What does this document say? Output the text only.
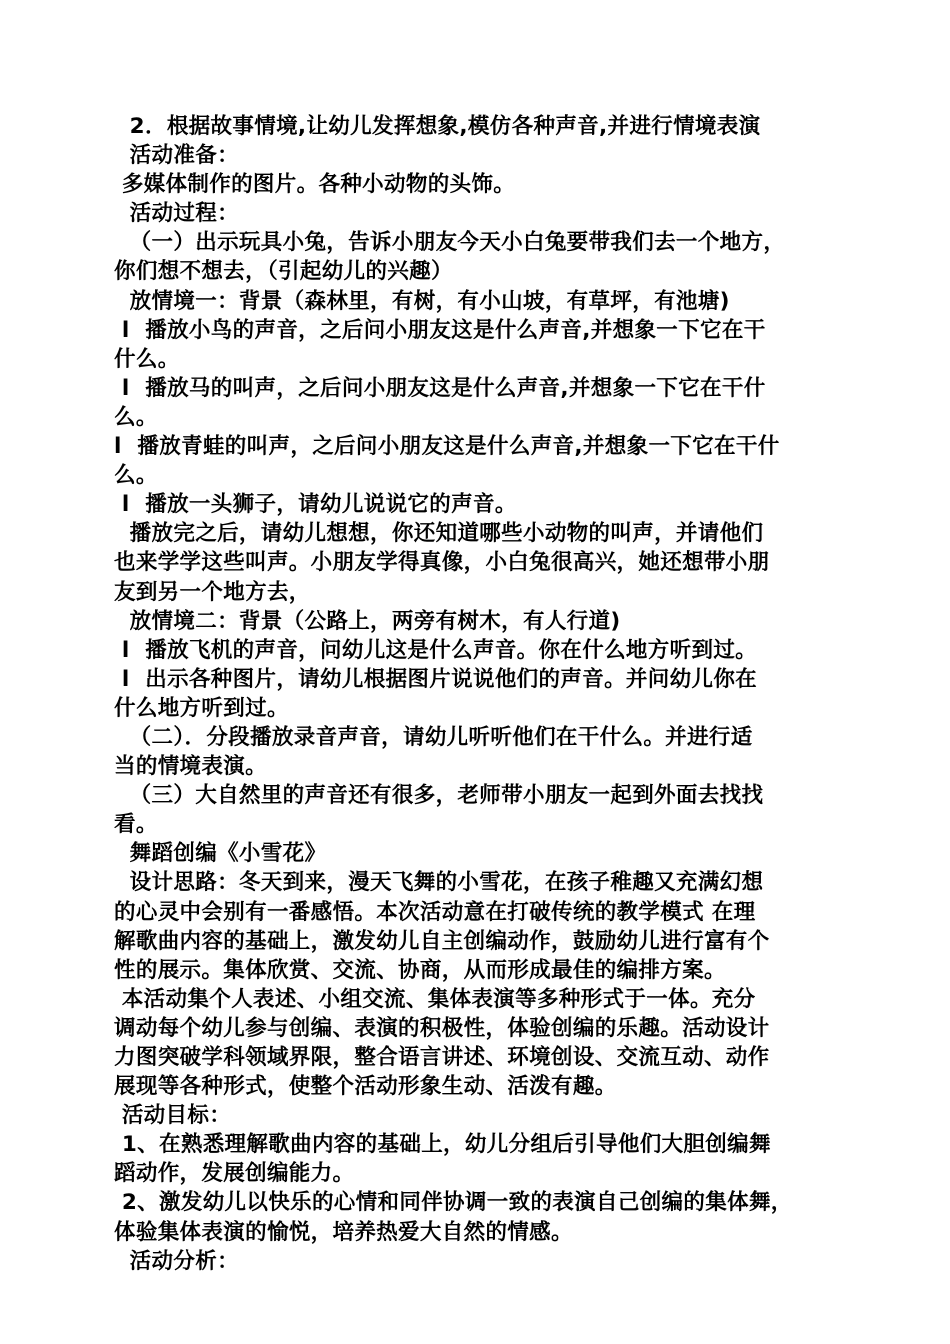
2．根据故事情境,让幼儿发挥想象,模仿各种声音,并进行情境表演

活动准备：

多媒体制作的图片。各种小动物的头饰。

活动过程：

（一）出示玩具小兔，告诉小朋友今天小白兔要带我们去一个地方，

你们想不想去，（引起幼儿的兴趣）

放情境一：背景（森林里，有树，有小山坡，有草坪，有池塘)

l  播放小鸟的声音，之后问小朋友这是什么声音,并想象一下它在干

什么。

l  播放马的叫声，之后问小朋友这是什么声音,并想象一下它在干什

么。

l  播放青蛙的叫声，之后问小朋友这是什么声音,并想象一下它在干什

么。

l  播放一头狮子，请幼儿说说它的声音。

播放完之后，请幼儿想想，你还知道哪些小动物的叫声，并请他们

也来学学这些叫声。小朋友学得真像，小白兔很高兴，她还想带小朋

友到另一个地方去，

放情境二：背景（公路上，两旁有树木，有人行道)

l  播放飞机的声音，问幼儿这是什么声音。你在什么地方听到过。

l  出示各种图片，请幼儿根据图片说说他们的声音。并问幼儿你在

什么地方听到过。

（二）．分段播放录音声音，请幼儿听听他们在干什么。并进行适

当的情境表演。

（三）大自然里的声音还有很多，老师带小朋友一起到外面去找找

看。

舞蹈创编《小雪花》

设计思路：冬天到来，漫天飞舞的小雪花，在孩子稚趣又充满幻想

的心灵中会别有一番感悟。本次活动意在打破传统的教学模式 在理

解歌曲内容的基础上，激发幼儿自主创编动作，鼓励幼儿进行富有个

性的展示。集体欣赏、交流、协商，从而形成最佳的编排方案。

本活动集个人表述、小组交流、集体表演等多种形式于一体。充分

调动每个幼儿参与创编、表演的积极性，体验创编的乐趣。活动设计

力图突破学科领域界限，整合语言讲述、环境创设、交流互动、动作

展现等各种形式，使整个活动形象生动、活泼有趣。

活动目标：

1、在熟悉理解歌曲内容的基础上，幼儿分组后引导他们大胆创编舞

蹈动作，发展创编能力。

2、激发幼儿以快乐的心情和同伴协调一致的表演自己创编的集体舞，

体验集体表演的愉悦，培养热爱大自然的情感。

活动分析：
